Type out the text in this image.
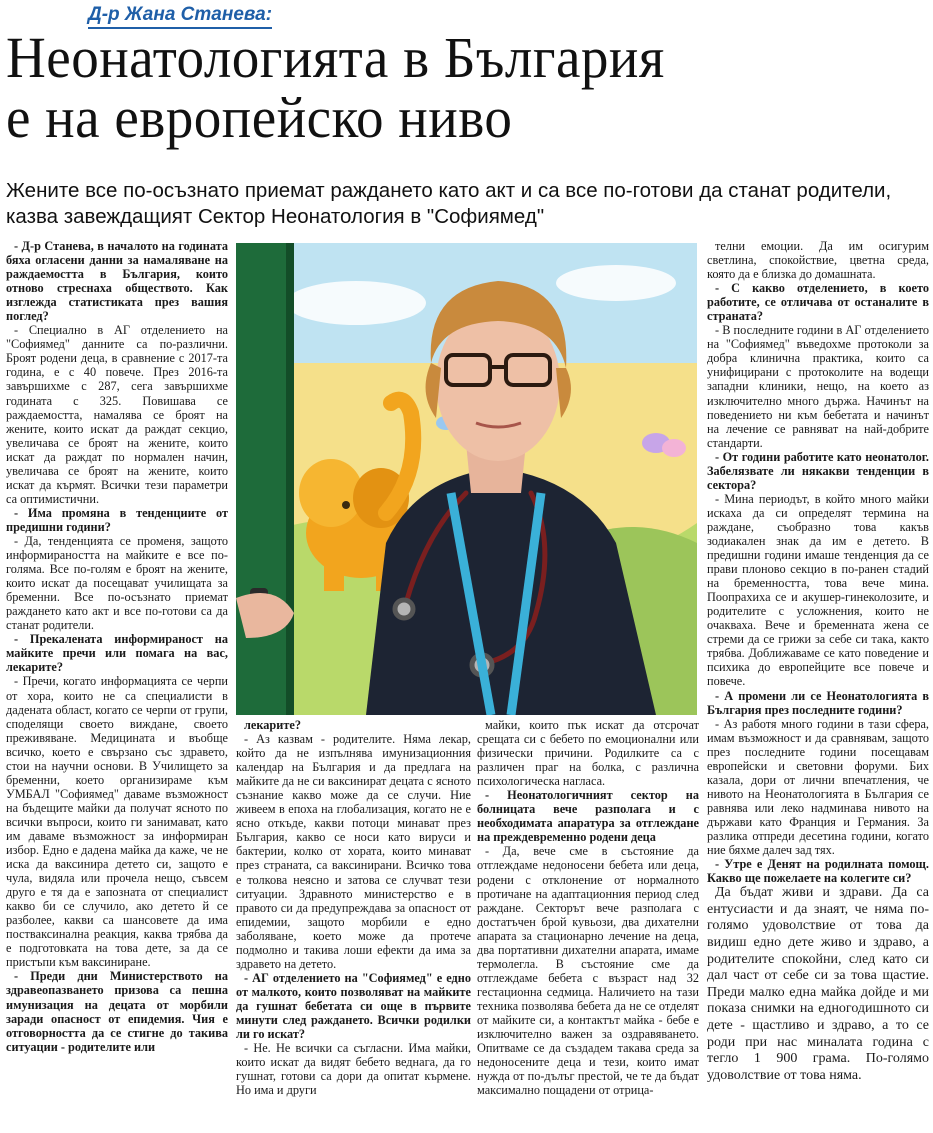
Д-р Жана Станева:
Неонатологията в България
е на европейско ниво
Жените все по-осъзнато приемат раждането като акт и са все по-готови да станат родители, казва завеждащият Сектор Неонатология в "Софиямед"

- Д-р Станева, в началото на годината бяха огласени данни за намаляване на раждаемостта в България, които отново стреснаха обществото. Как изглежда статистиката през вашия поглед?

- Специално в АГ отделението на "Софиямед" данните са по-различни. Броят родени деца, в сравнение с 2017-та година, е с 40 повече. През 2016-та завършихме с 287, сега завършихме годината с 325. Повишава се раждаемостта, намалява се броят на жените, които искат да раждат секцио, увеличава се броят на жените, които искат да раждат по нормален начин, увеличава се броят на жените, които искат да кърмят. Всички тези параметри са оптимистични.

- Има промяна в тенденциите от предишни години?

- Да, тенденцията се променя, защото информираността на майките е все по-голяма. Все по-голям е броят на жените, които искат да посещават училищата за бременни. Все по-осъзнато приемат раждането като акт и все по-готови са да станат родители.

- Прекалената информираност на майките пречи или помага на вас, лекарите?

- Пречи, когато информацията се черпи от хора, които не са специалисти в дадената област, когато се черпи от групи, споделящи своето виждане, своето преживяване. Медицината и въобще всичко, което е свързано със здравето, стои на научни основи. В Училището за бременни, което организираме към УМБАЛ "Софиямед" даваме възможност на бъдещите майки да получат ясното по всички въпроси, които ги занимават, като им даваме възможност за информиран избор. Едно е дадена майка да каже, че не иска да ваксинира детето си, защото е чула, видяла или прочела нещо, съвсем друго е тя да е запозната от специалист какво би се случило, ако детето й се разболее, какви са шансовете да има поствaксинална реакция, каква трябва да е подготовката на това дете, за да се пристъпи към ваксиниране.

- Преди дни Министерството на здравеопазването призова са пешна имунизация на децата от морбили заради опасност от епидемия. Чия е отговорността да се стигне до такива ситуации - родителите или

лекарите?

- Аз казвам - родителите. Няма лекар, който да не изпълнява имунизационния календар на България и да предлага на майките да не си ваксинират децата с ясното съзнание какво може да се случи. Ние живеем в епоха на глобализация, когато не е ясно откъде, какви потоци минават през България, какво се носи като вируси и бактерии, колко от хората, които минават през страната, са ваксинирани. Всичко това е толкова неясно и затова се случват тези ситуации. Здравното министерство е в правото си да предупреждава за опасност от епидемии, защото морбили е едно заболяване, което може да протече подмолно и такива лоши ефекти да има за здравето на детето.

- АГ отделението на "Софиямед" е едно от малкото, които позволяват на майките да гушнат бебетата си още в първите минути след раждането. Всички родилки ли го искат?

- Не. Не всички са съгласни. Има майки, които искат да видят бебето веднага, да го гушнат, готови са дори да опитат кърмене. Но има и други

майки, които пък искат да отсрочат срещата си с бебето по емоционални или физически причини. Родилките са с различен праг на болка, с различна психологическа нагласа.

- Неонатологичният сектор на болницата вече разполага и с необходимата апаратура за отглеждане на преждевременно родени деца

- Да, вече сме в състояние да отглеждаме недоносени бебета или деца, родени с отклонение от нормалното протичане на адаптационния период след раждане. Секторът вече разполага с достатъчен брой кувьози, два дихателни апарата за стационарно лечение на деца, два портативни дихателни апарата, имаме термолегла. В състояние сме да отглеждаме бебета с възраст над 32 гестационна седмица. Наличието на тази техника позволява бебета да не се отделят от майките си, а контактът майка - бебе е изключително важен за оздравяването. Опитваме се да създадем такава среда за недоносените деца и тези, които имат нужда от по-дълъг престой, че те да бъдат максимално пощадени от отрица-

телни емоции. Да им осигурим светлина, спокойствие, цветна среда, която да е близка до домашната.

- С какво отделението, в което работите, се отличава от останалите в страната?

- В последните години в АГ отделението на "Софиямед" въведохме протоколи за добра клинична практика, които са унифицирани с протоколите на водещи западни клиники, нещо, на което аз изключително много държа. Начинът на поведението ни към бебетата и начинът на лечение се равняват на най-добрите стандарти.

- От години работите като неонатолог. Забелязвате ли някакви тенденции в сектора?

- Мина периодът, в който много майки искаха да си определят термина на раждане, съобразно това какъв зодиакален знак да им е детето. В предишни години имаше тенденция да се прави плоново секцио в по-ранен стадий на бременността, това вече мина. Поопрахиха се и акушер-гинеколозите, и родителите с усложнения, които не очакваха. Вече и бременната жена се стреми да се грижи за себе си така, както трябва. Доближаваме се като поведение и психика до европейците все повече и повече.

- А промени ли се Неонатологията в България през последните години?

- Аз работя много години в тази сфера, имам възможност и да сравнявам, защото през последните години посещавам европейски и световни форуми. Бих казала, дори от лични впечатления, че нивото на Неонатологията в България се равнява или леко надминава нивото на държави като Франция и Германия. За разлика отпреди десетина години, когато ние бяхме далеч зад тях.

- Утре е Денят на родилната помощ. Какво ще пожелаете на колегите си?

Да бъдат живи и здрави. Да са ентусиасти и да знаят, че няма по-голямо удоволствие от това да видиш едно дете живо и здраво, а родителите спокойни, след като си дал част от себе си за това щастие. Преди малко една майка дойде и ми показа снимки на едногодишното си дете - щастливо и здраво, а то се роди при нас миналата година с тегло 1 900 грама. По-голямо удоволствие от това няма.
